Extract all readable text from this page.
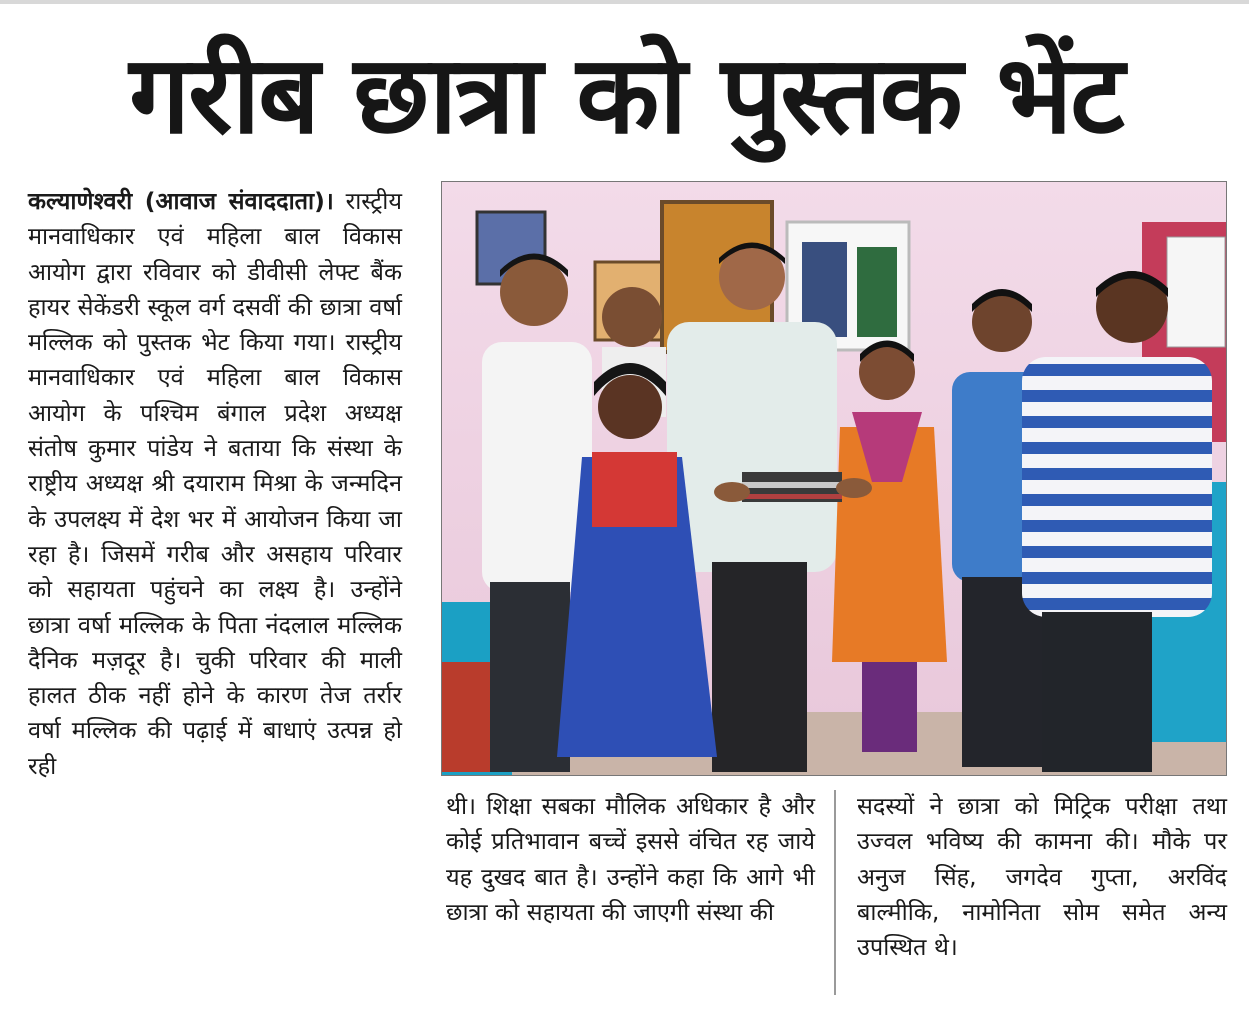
गरीब छात्रा को पुस्तक भेंट

कल्याणेश्वरी (आवाज संवाददाता)। रास्ट्रीय मानवाधिकार एवं महिला बाल विकास आयोग द्वारा रविवार को डीवीसी लेफ्ट बैंक हायर सेकेंडरी स्कूल वर्ग दसवीं की छात्रा वर्षा मल्लिक को पुस्तक भेट किया गया। रास्ट्रीय मानवाधिकार एवं महिला बाल विकास आयोग के पश्चिम बंगाल प्रदेश अध्यक्ष संतोष कुमार पांडेय ने बताया कि संस्था के राष्ट्रीय अध्यक्ष श्री दयाराम मिश्रा के जन्मदिन के उपलक्ष्य में देश भर में आयोजन किया जा रहा है। जिसमें गरीब और असहाय परिवार को सहायता पहुंचने का लक्ष्य है। उन्होंने छात्रा वर्षा मल्लिक के पिता नंदलाल मल्लिक दैनिक मज़दूर है। चुकी परिवार की माली हालत ठीक नहीं होने के कारण तेज तर्रार वर्षा मल्लिक की पढ़ाई में बाधाएं उत्पन्न हो रही

थी। शिक्षा सबका मौलिक अधिकार है और कोई प्रतिभावान बच्चें इससे वंचित रह जाये यह दुखद बात है। उन्होंने कहा कि आगे भी छात्रा को सहायता की जाएगी संस्था की

सदस्यों ने छात्रा को मिट्रिक परीक्षा तथा उज्वल भविष्य की कामना की। मौके पर अनुज सिंह, जगदेव गुप्ता, अरविंद बाल्मीकि, नामोनिता सोम समेत अन्य उपस्थित थे।
